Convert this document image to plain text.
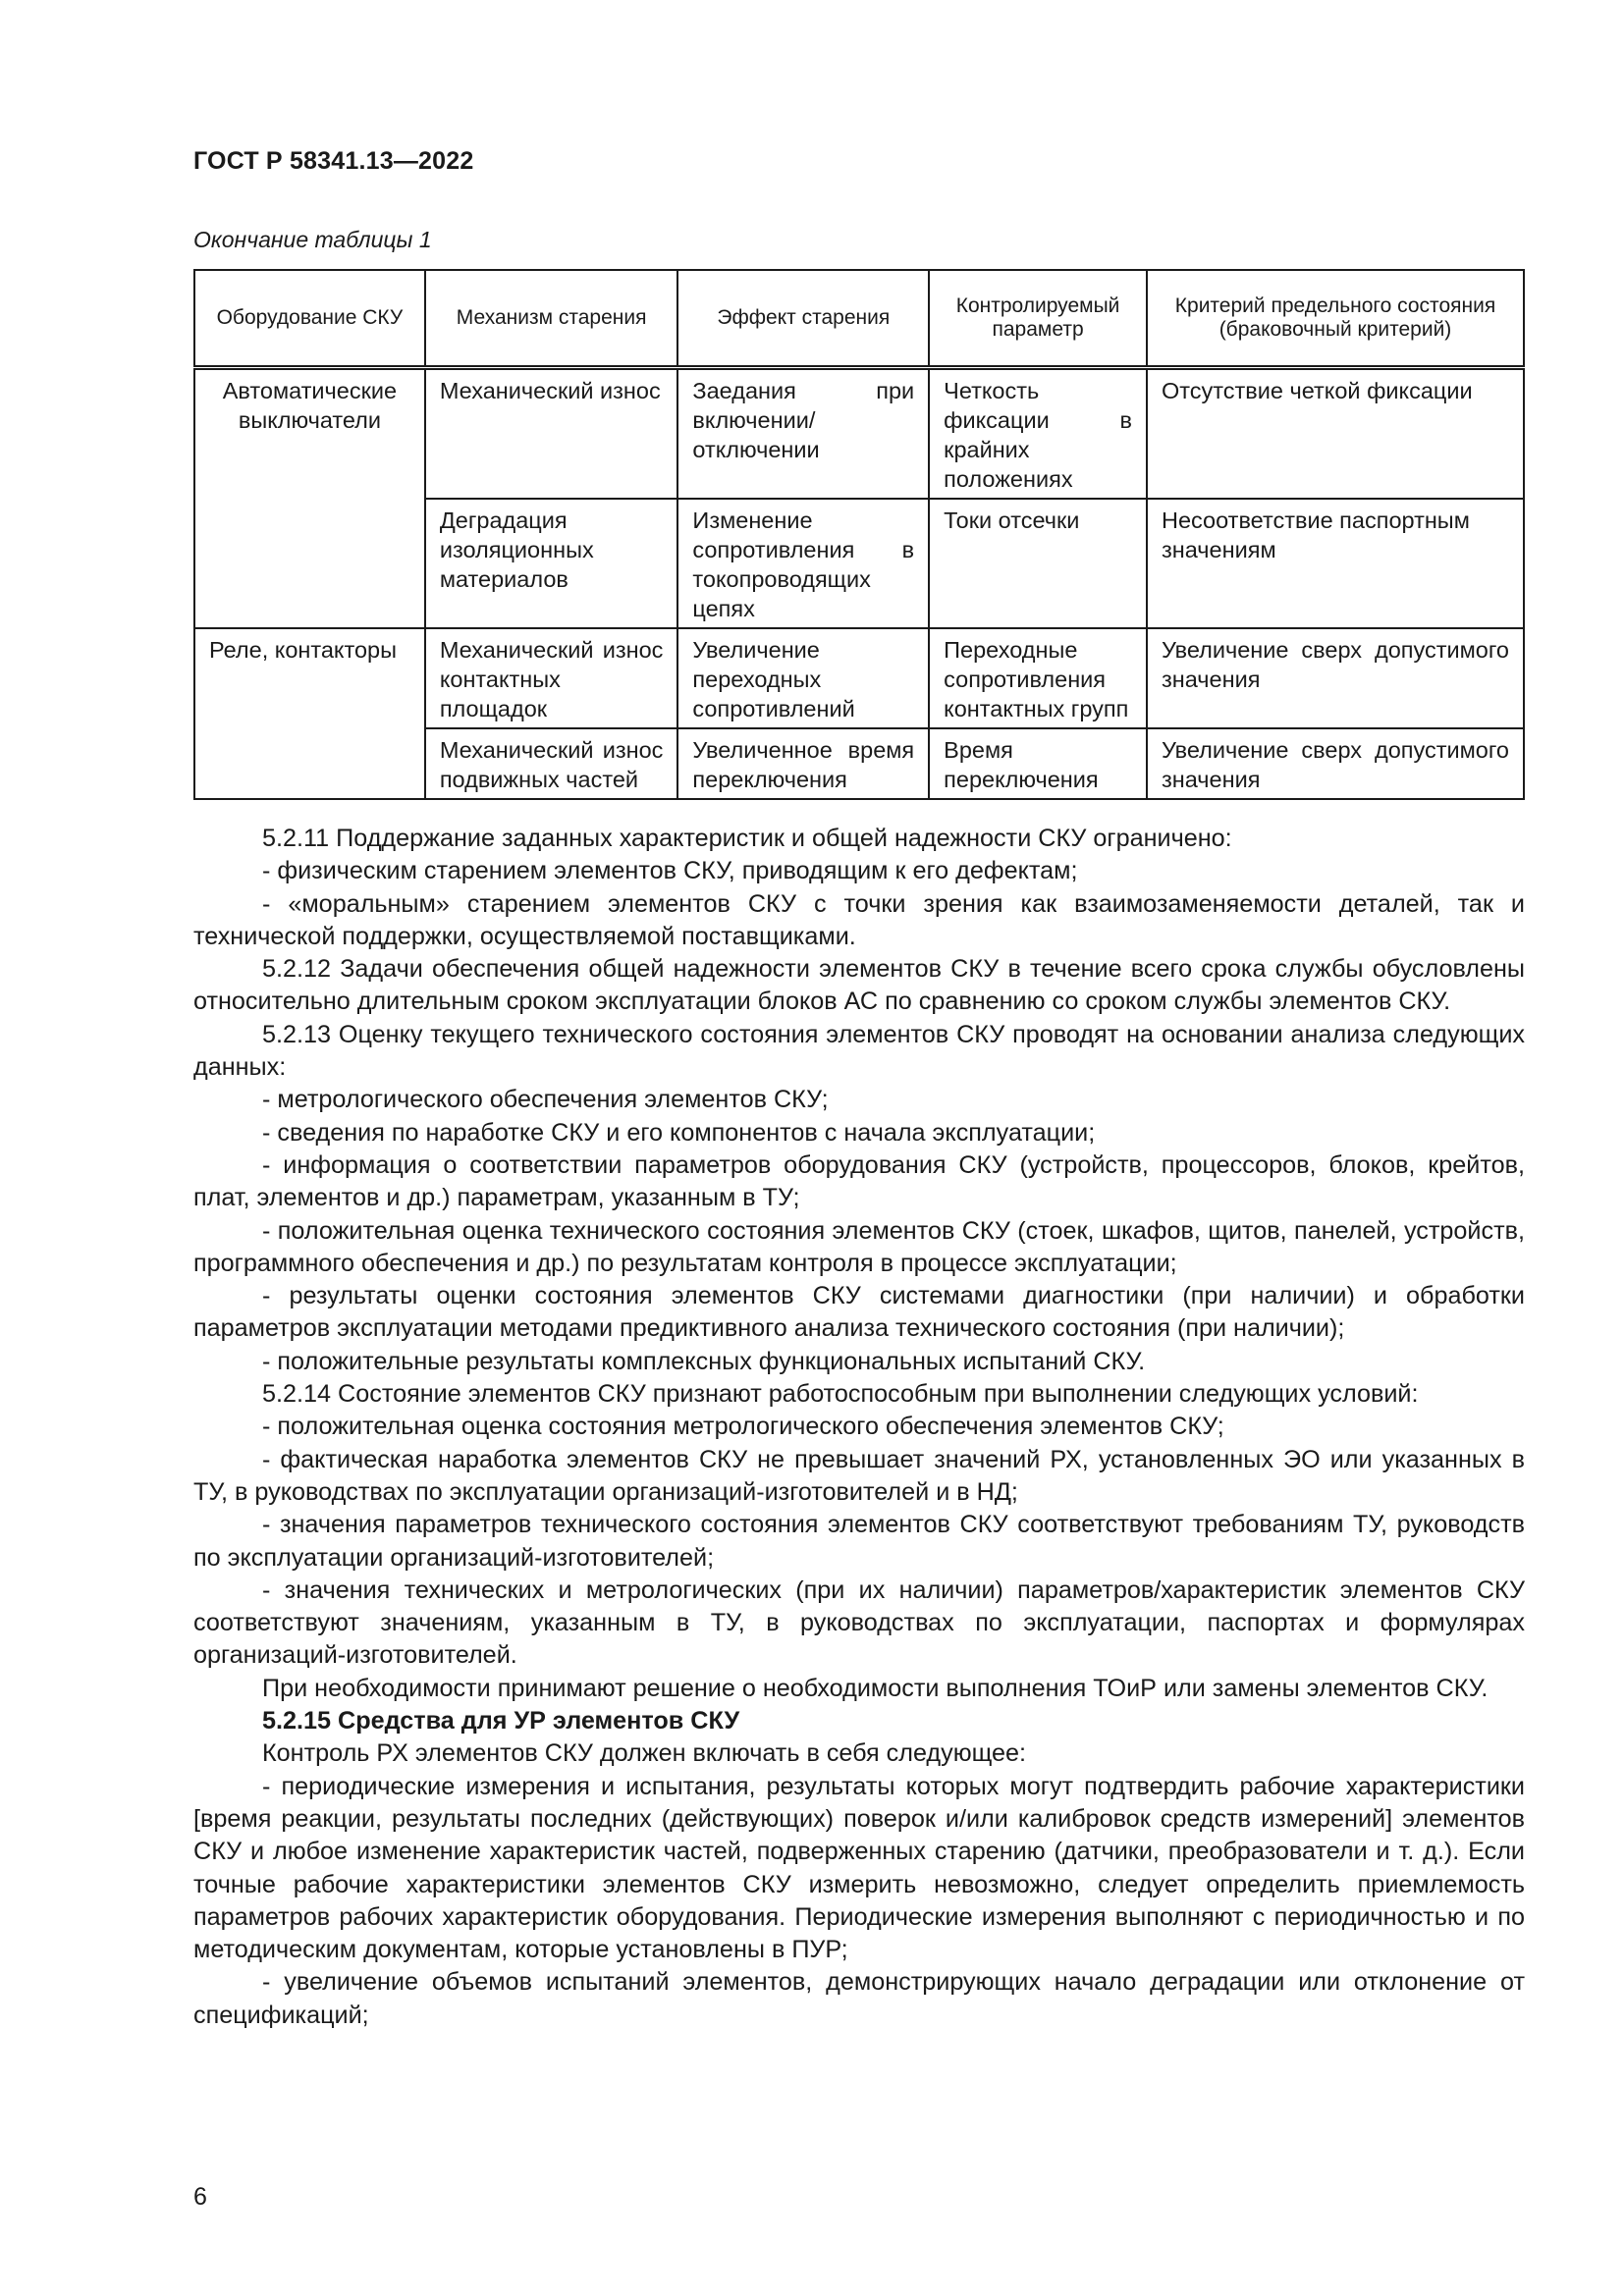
ГОСТ Р 58341.13—2022
Окончание таблицы 1
Оборудование СКУ	Механизм старения	Эффект старения	Контролируемый параметр	Критерий предельного состояния (браковочный критерий)
Автоматические выключатели	Механический износ	Заедания при включении/отключении	Четкость фиксации в крайних положениях	Отсутствие четкой фиксации
	Деградация изоляционных материалов	Изменение сопротивления в токопроводящих цепях	Токи отсечки	Несоответствие паспортным значениям
Реле, контакторы	Механический износ контактных площадок	Увеличение переходных сопротивлений	Переходные сопротивления контактных групп	Увеличение сверх допустимого значения
	Механический износ подвижных частей	Увеличенное время переключения	Время переключения	Увеличение сверх допустимого значения

5.2.11 Поддержание заданных характеристик и общей надежности СКУ ограничено:

- физическим старением элементов СКУ, приводящим к его дефектам;

- «моральным» старением элементов СКУ с точки зрения как взаимозаменяемости деталей, так и технической поддержки, осуществляемой поставщиками.

5.2.12 Задачи обеспечения общей надежности элементов СКУ в течение всего срока службы обусловлены относительно длительным сроком эксплуатации блоков АС по сравнению со сроком службы элементов СКУ.

5.2.13 Оценку текущего технического состояния элементов СКУ проводят на основании анализа следующих данных:

- метрологического обеспечения элементов СКУ;

- сведения по наработке СКУ и его компонентов с начала эксплуатации;

- информация о соответствии параметров оборудования СКУ (устройств, процессоров, блоков, крейтов, плат, элементов и др.) параметрам, указанным в ТУ;

- положительная оценка технического состояния элементов СКУ (стоек, шкафов, щитов, панелей, устройств, программного обеспечения и др.) по результатам контроля в процессе эксплуатации;

- результаты оценки состояния элементов СКУ системами диагностики (при наличии) и обработки параметров эксплуатации методами предиктивного анализа технического состояния (при наличии);

- положительные результаты комплексных функциональных испытаний СКУ.

5.2.14 Состояние элементов СКУ признают работоспособным при выполнении следующих условий:

- положительная оценка состояния метрологического обеспечения элементов СКУ;

- фактическая наработка элементов СКУ не превышает значений РХ, установленных ЭО или указанных в ТУ, в руководствах по эксплуатации организаций-изготовителей и в НД;

- значения параметров технического состояния элементов СКУ соответствуют требованиям ТУ, руководств по эксплуатации организаций-изготовителей;

- значения технических и метрологических (при их наличии) параметров/характеристик элементов СКУ соответствуют значениям, указанным в ТУ, в руководствах по эксплуатации, паспортах и формулярах организаций-изготовителей.

При необходимости принимают решение о необходимости выполнения ТОиР или замены элементов СКУ.

5.2.15 Средства для УР элементов СКУ

Контроль РХ элементов СКУ должен включать в себя следующее:

- периодические измерения и испытания, результаты которых могут подтвердить рабочие характеристики [время реакции, результаты последних (действующих) поверок и/или калибровок средств измерений] элементов СКУ и любое изменение характеристик частей, подверженных старению (датчики, преобразователи и т. д.). Если точные рабочие характеристики элементов СКУ измерить невозможно, следует определить приемлемость параметров рабочих характеристик оборудования. Периодические измерения выполняют с периодичностью и по методическим документам, которые установлены в ПУР;

- увеличение объемов испытаний элементов, демонстрирующих начало деградации или отклонение от спецификаций;

6
